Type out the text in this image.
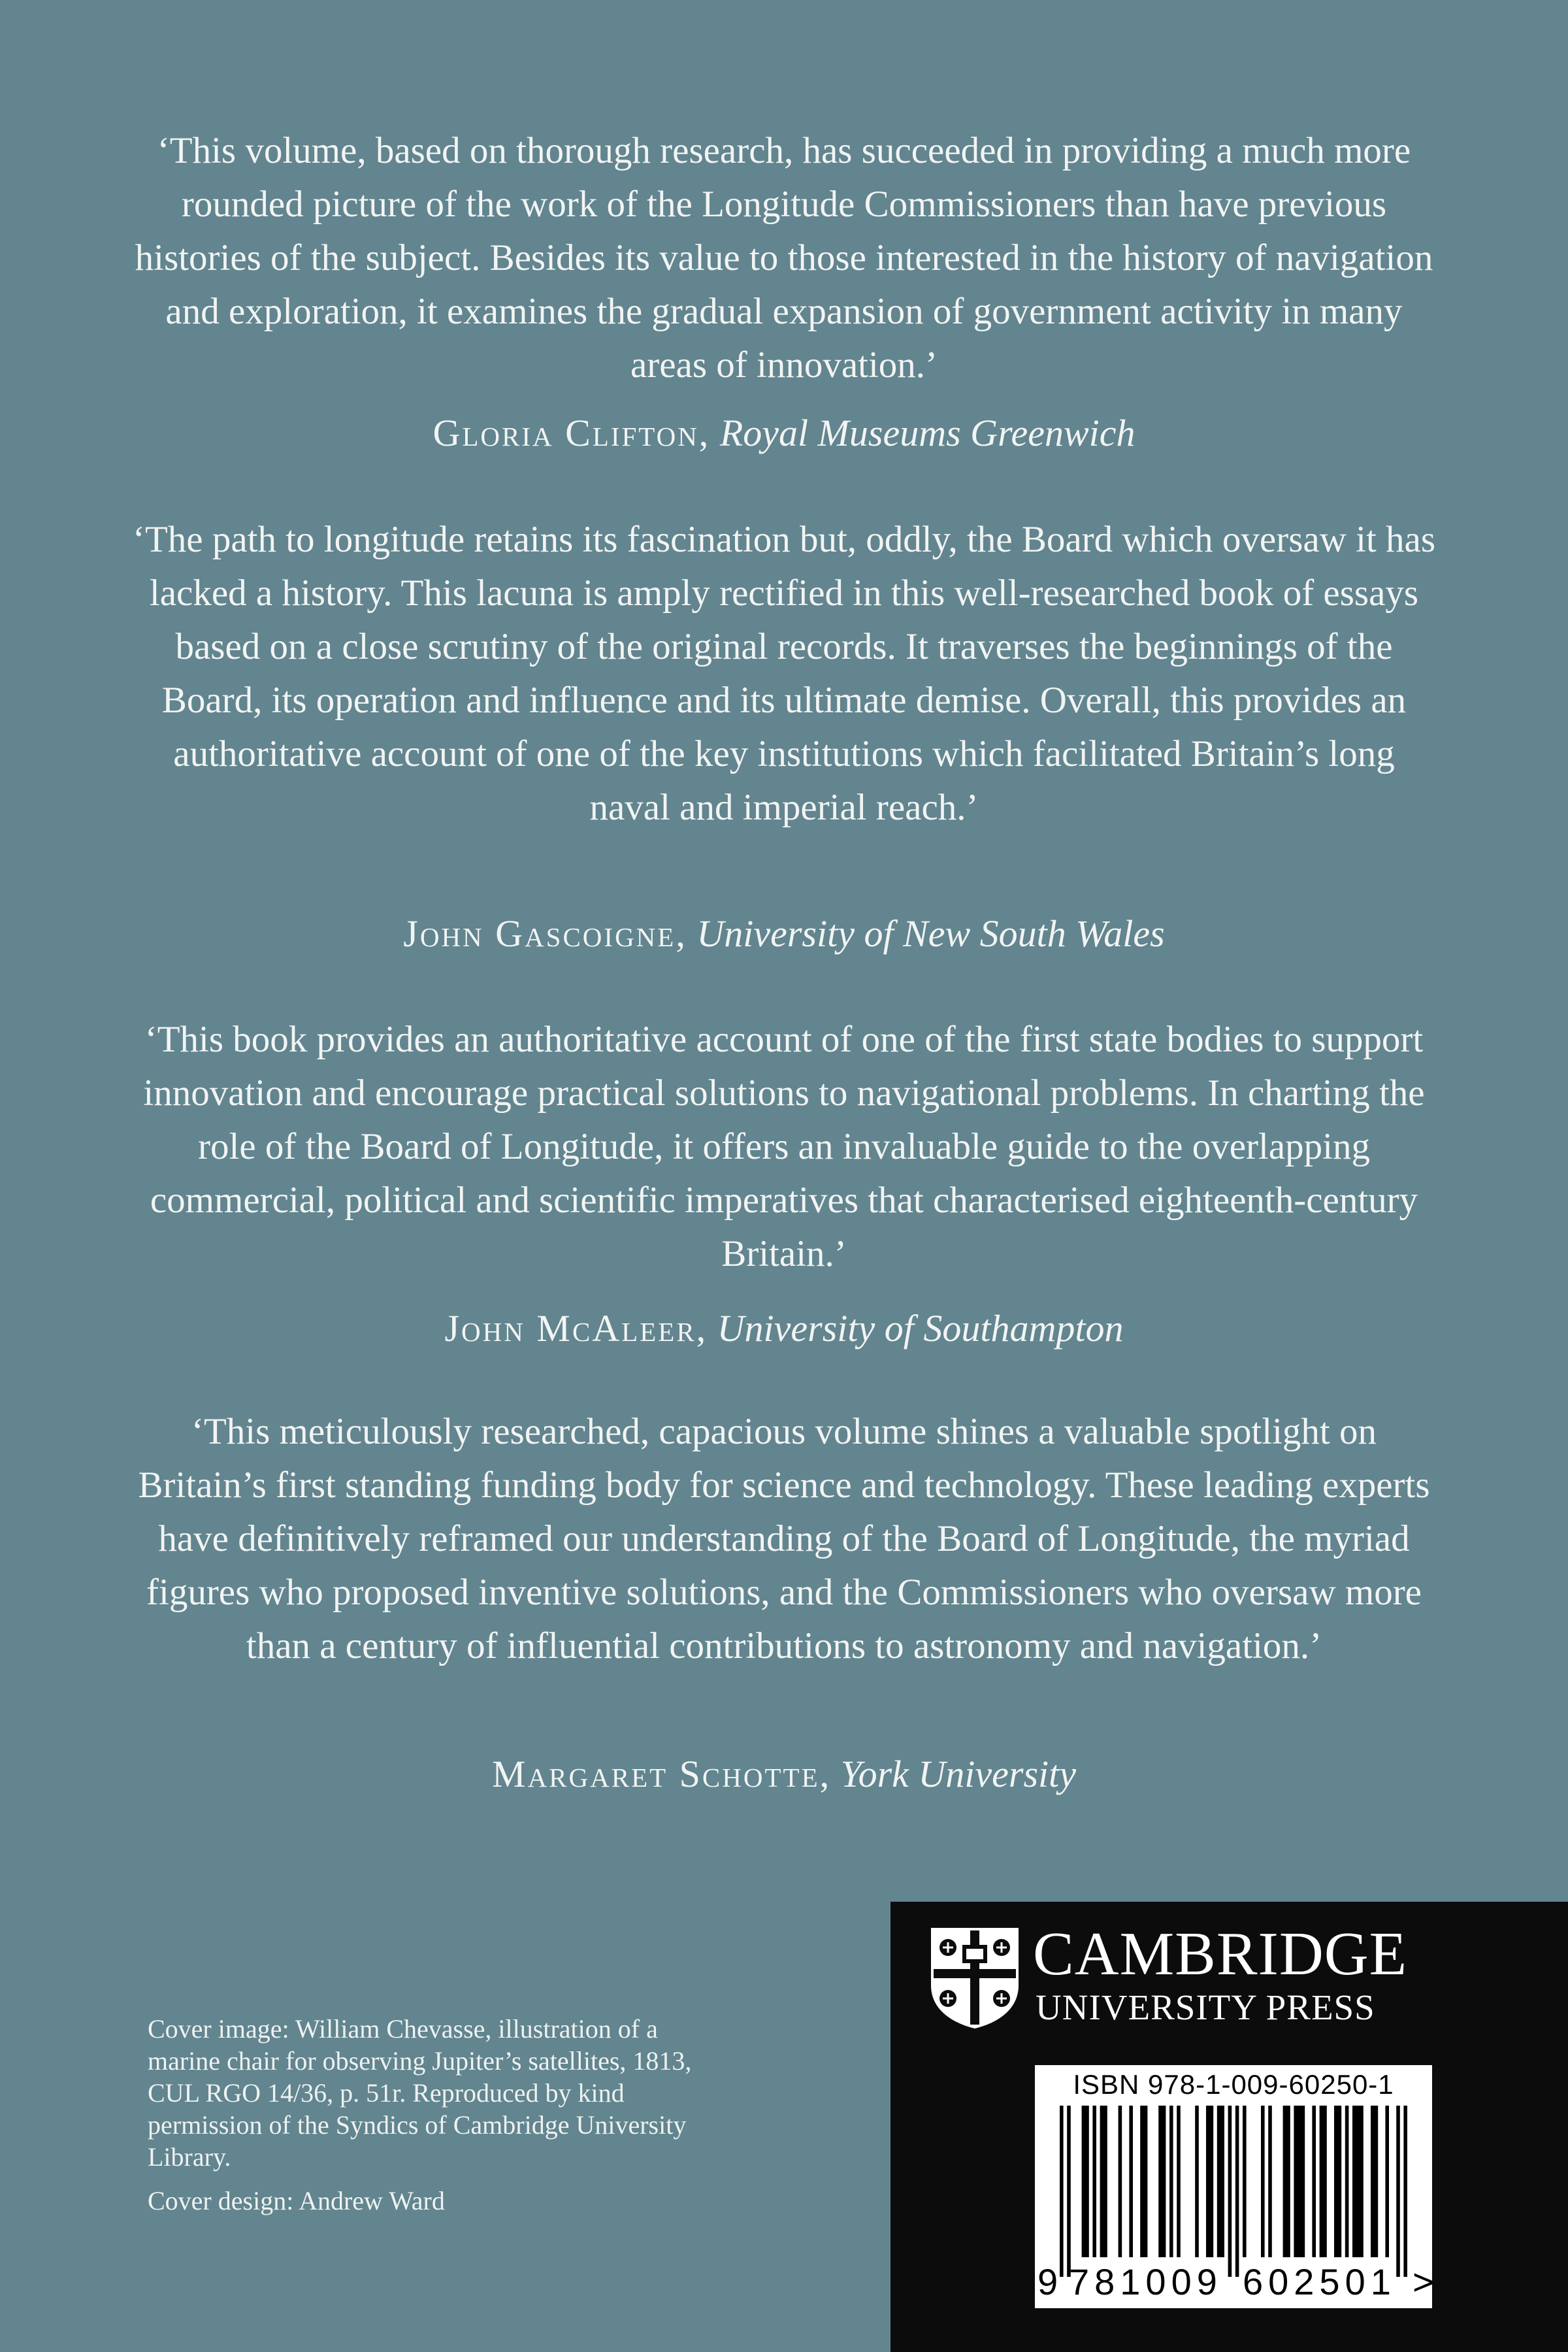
‘This volume, based on thorough research, has succeeded in providing a much more rounded picture of the work of the Longitude Commissioners than have previous histories of the subject. Besides its value to those interested in the history of navigation and exploration, it examines the gradual expansion of government activity in many areas of innovation.’

Gloria Clifton, Royal Museums Greenwich

‘The path to longitude retains its fascination but, oddly, the Board which oversaw it has lacked a history. This lacuna is amply rectified in this well-researched book of essays based on a close scrutiny of the original records. It traverses the beginnings of the Board, its operation and influence and its ultimate demise. Overall, this provides an authoritative account of one of the key institutions which facilitated Britain’s long naval and imperial reach.’

John Gascoigne, University of New South Wales

‘This book provides an authoritative account of one of the first state bodies to support innovation and encourage practical solutions to navigational problems. In charting the role of the Board of Longitude, it offers an invaluable guide to the overlapping commercial, political and scientific imperatives that characterised eighteenth-century Britain.’

John McAleer, University of Southampton

‘This meticulously researched, capacious volume shines a valuable spotlight on Britain’s first standing funding body for science and technology. These leading experts have definitively reframed our understanding of the Board of Longitude, the myriad figures who proposed inventive solutions, and the Commissioners who oversaw more than a century of influential contributions to astronomy and navigation.’

Margaret Schotte, York University
Cover image: William Chevasse, illustration of a marine chair for observing Jupiter’s satellites, 1813, CUL RGO 14/36, p. 51r. Reproduced by kind permission of the Syndics of Cambridge University Library.
Cover design: Andrew Ward
CAMBRIDGE
UNIVERSITY PRESS
ISBN 978-1-009-60250-1
9 781009 602501 >
